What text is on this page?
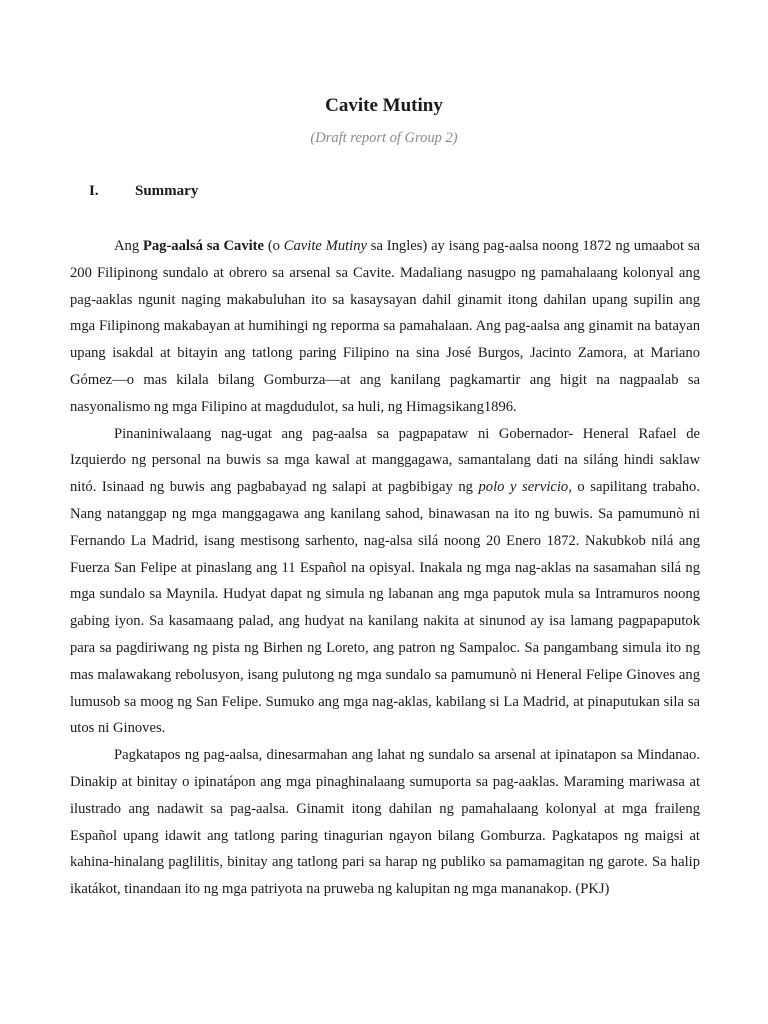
Cavite Mutiny
(Draft report of Group 2)
I.	Summary

Ang Pag-aalsá sa Cavite (o Cavite Mutiny sa Ingles) ay isang pag-aalsa noong 1872 ng umaabot sa 200 Filipinong sundalo at obrero sa arsenal sa Cavite. Madaliang nasugpo ng pamahalaang kolonyal ang pag-aaklas ngunit naging makabuluhan ito sa kasaysayan dahil ginamit itong dahilan upang supilin ang mga Filipinong makabayan at humihingi ng reporma sa pamahalaan. Ang pag-aalsa ang ginamit na batayan upang isakdal at bitayin ang tatlong paring Filipino na sina José Burgos, Jacinto Zamora, at Mariano Gómez—o mas kilala bilang Gomburza—at ang kanilang pagkamartir ang higit na nagpaalab sa nasyonalismo ng mga Filipino at magdudulot, sa huli, ng Himagsikang1896.

Pinaniniwalaang nag-ugat ang pag-aalsa sa pagpapataw ni Gobernador- Heneral Rafael de Izquierdo ng personal na buwis sa mga kawal at manggagawa, samantalang dati na siláng hindi saklaw nitó. Isinaad ng buwis ang pagbabayad ng salapi at pagbibigay ng polo y servicio, o sapilitang trabaho. Nang natanggap ng mga manggagawa ang kanilang sahod, binawasan na ito ng buwis. Sa pamumunò ni Fernando La Madrid, isang mestisong sarhento, nag-alsa silá noong 20 Enero 1872. Nakubkob nilá ang Fuerza San Felipe at pinaslang ang 11 Español na opisyal. Inakala ng mga nag-aklas na sasamahan silá ng mga sundalo sa Maynila. Hudyat dapat ng simula ng labanan ang mga paputok mula sa Intramuros noong gabing iyon. Sa kasamaang palad, ang hudyat na kanilang nakita at sinunod ay isa lamang pagpapaputok para sa pagdiriwang ng pista ng Birhen ng Loreto, ang patron ng Sampaloc. Sa pangambang simula ito ng mas malawakang rebolusyon, isang pulutong ng mga sundalo sa pamumunò ni Heneral Felipe Ginoves ang lumusob sa moog ng San Felipe. Sumuko ang mga nag-aklas, kabilang si La Madrid, at pinaputukan sila sa utos ni Ginoves.

Pagkatapos ng pag-aalsa, dinesarmahan ang lahat ng sundalo sa arsenal at ipinatapon sa Mindanao. Dinakip at binitay o ipinatápon ang mga pinaghinalaang sumuporta sa pag-aaklas. Maraming mariwasa at ilustrado ang nadawit sa pag-aalsa. Ginamit itong dahilan ng pamahalaang kolonyal at mga fraileng Español upang idawit ang tatlong paring tinagurian ngayon bilang Gomburza. Pagkatapos ng maigsi at kahina-hinalang paglilitis, binitay ang tatlong pari sa harap ng publiko sa pamamagitan ng garote. Sa halip ikatákot, tinandaan ito ng mga patriyota na pruweba ng kalupitan ng mga mananakop. (PKJ)
